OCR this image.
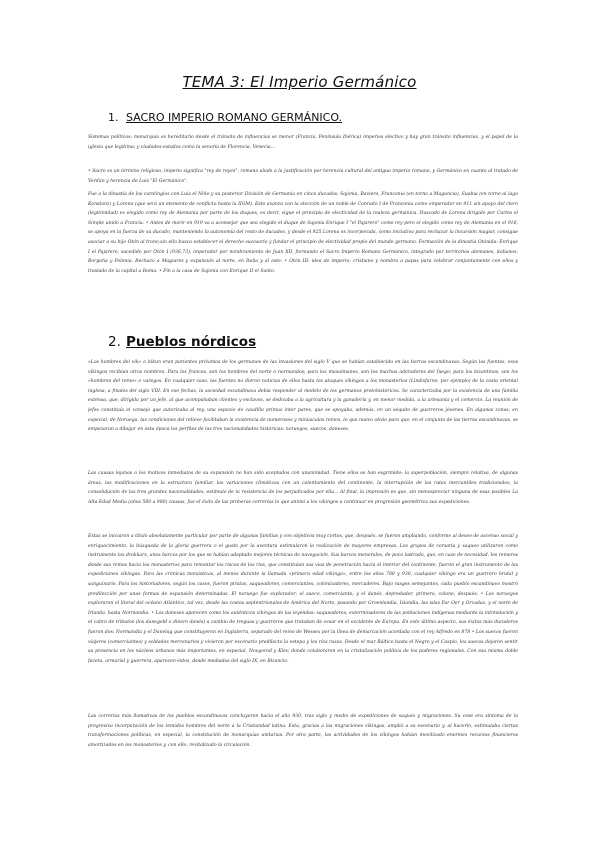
TEMA 3: El Imperio Germánico
1. SACRO IMPERIO ROMANO GERMÁNICO.

Sistemas políticos: monarquía es hereditario desde el tránsito de influencias se menor (Francia, Península Ibérica) imperios electivo y hay gran tránsito influencias, y el papel de la iglesia que legitima; y ciudades-estados como la senoría de Florencia, Venecia…

• Sacro es un término religioso, imperio significa "rey de reyes", romano alude a la justificación por herencia cultural del antiguo imperio romano, y Germánico en cuanto al tratado de Verdún y herencia de Luis "El Germánico".

Fue a la dinastía de los carolingios con Luis el Niño y su posterior División de Germania en cinco ducados: Sajonia, Baviera, Franconia (en torno a Maguncia), Suabia (en torno al lago Konstanz) y Lorena (que será un elemento de conflicto hasta la IIGM). Esto avanza con la elección de un noble de Conrado I de Franconia como emperador en 911 sin apoyo del clero (legitimidad) es elegido como rey de Alemania por parte de los duques, es decir, sigue el principio de electividad de la realeza germánica. Duscado de Lorena dirigido por Carlos el Simple unido a Francia. • Antes de morir en 919 va a aconsejar que sea elegido el duque de Sajonia Enrique I "el Pajarero" como rey pero el elegido como rey de Alemania en el 916, se apoya en la fuerza de su ducado, manteniendo la autonomía del resto de ducados, y desde el 925 Lorena es incorporada, como iniciativa para rechazar la incursión magiar, consigue asociar a su hijo Otón al trono,sin ello busca establecer el derecho sucesorio y fundar el principio de electividad propio del mundo germano. Formación de la dinastía Otónida: Enrique I el Pajarero, sucedido por Otón I (936,73), imperador por nombramiento de Juan XII, formando el Sacro Imperio Romano Germánico, integrado por territorios alemanes, italianos, Borgoña y Polonia. Rechazo a Magiares y expansión al norte, en Italia y al este. • Otón III: idea de imperio; cristiano y nombra a papas para celebrar conjuntamente con ellos y traslado de la capital a Roma. • Fin a la casa de Sajonia con Enrique II el Santo.

2. Pueblos nórdicos

«Los hombres del vik» o bikun eran parientes próximos de los germanos de las invasiones del siglo V que se habían establecido en las tierras escandinavas. Según las fuentes, esos vikingos recibían otros nombres. Para los francos, son los hombres del norte o normandos; para los musulmanes, son los machus adoradores del fuego; para los bizantinos, son los «hombres del remo» o varegos. En cualquier caso, las fuentes no dieron noticias de ellos hasta los ataques vikingos a los monasterios (Lindisfarne, por ejemplo) de la costa oriental inglesa, a finales del siglo VIII. En ese fechas, la sociedad escandinava debía responder al modelo de los germanos protohistóricos. Se caracterizaba por la existencia de una familia extensa, que, dirigida por un jefe, al que acompañaban clientes y esclavos, se dedicaba a la agricultura y la ganadería y, en menor medida, a la artesanía y el comercio. La reunión de jefes constituía el consejo que autorizaba al rey, una especie de caudillo primus inter pares, que se apoyaba, además, en un séquito de guerreros jóvenes. En algunas zonas, en especial, de Noruega, las condiciones del relieve facilitaban la existencia de numerosos y minúsculos reinos, lo que nuevo obvio para que, en el conjunto de las tierras escandinavas, se empezaran a dibujar en esta época los perfiles de las tres nacionalidades históricas: noruegos, suecos, daneses.

Las causas lejanas o los motivos inmediatos de su expansión no han sido aceptados con unanimidad. Tiene ellos se han esgrimido: la superpoblación, siempre relativa, de algunas áreas, las modificaciones en la estructura familiar, las variaciones climáticas con un calentamiento del continente, la interrupción de las rutas mercantiles tradicionales, la consolidación de las tres grandes nacionalidades, estímulo de la resistencia de los perjudicados por ella... Al final, la impresión es que, sin menospreciar ninguna de esas posibles La Alta Edad Media (años 580 a 980) causas, fue el éxito de las primeras correrías lo que animó a los vikingos a continuar en progresión geométrica sus expediciones.

Estas se iniciaron a título absolutamente particular por parte de algunas familias y con objetivos muy cortos, que, después, se fueron ampliando, conforme al deseo de ascenso social y enriquecimiento, la búsqueda de la gloria guerrera o el gusto por la aventura estimularon la realización de mayores empresas. Los grupos de corsaria y saqueo utilizaron como instrumento los drakkars, unos barcos por los que se habían adaptado mejores técnicas de navegación. Sus barcos menorales, de poco lastrado, que, en caso de necesidad, los remeros desde sus remos hacia los monasterios para remontar los riscos de los ríos, que constituían sus vías de penetración hacia el interior del continente, fueron el gran instrumento de las expediciones vikingas. Para las crónicas monásticas, al menos durante la llamada «primera edad vikinga», entre los años 788 y 930, cualquier vikingo era un guerrero brutal y sanguinario. Para los historiadores, según los casos, fueron piratas, saqueadores, comerciantes, colonizadores, mercaderes. Bajo rasgos semejantes, cada pueblo escandinavo mostró predilección por unas formas de expansión determinadas. El noruego fue explorador; el sueco, comerciante; y el danés, depredador, primero, colono, después. • Los noruegos exploraron el litoral del océano Atlántico, tal vez, desde las costas septentrionales de América del Norte, pasando por Groenlandia, Islandia, las islas Far Oer y Orcadas, y el norte de Irlanda, hasta Normandía. • Los daneses aparecen como los auténticos vikingos de las leyendas: saqueadores, exterminadores de las poblaciones indígenas mediante la intimidación y el cobro de tributos (los danegeld o dinero danés) a cambio de treguas y guerreros que trataban de cesar en el occidente de Europa. En este último aspecto, sus éxitos más duraderos fueron dos: Normandía y el Danelag que constituyeron en Inglaterra, separado del reino de Wessex por la línea de demarcación acordada con el rey Alfredo en 878 • Los suecos fueron viajeros (comerciantes) y soldados mercenarios y vivieron por escenario predilecto la estepa y los ríos rusos. Desde el mar Báltico hasta el Negro y el Caspio, los suecos dejaron sentir su presencia en los núcleos urbanos más importantes, en especial, Novgorod y Kiev, donde colaboraron en la cristalización política de los poderes regionales. Con esa misma doble faceta, armarial y guerrera, aparecen éstos, desde mediados del siglo IX, en Bizancio.

Las correrías más llamativas de los pueblos escandinavos concluyeron hacia el año 930, tras siglo y medio de expediciones de saqueo y migraciones. Su cese era síntoma de la progresiva incorporación de los temidos hombres del norte a la Cristiandad latina. Esta, gracias a las migraciones vikingas, amplió a su escenario y, al hacerlo, estimulaba ciertas transformaciones políticas, en especial, la constitución de monarquías unitarias. Por otra parte, las actividades de los vikingos habían movilizado enormes recursos financieros amortizados en los monasterios y, con ello, revitalizado la circulación.
